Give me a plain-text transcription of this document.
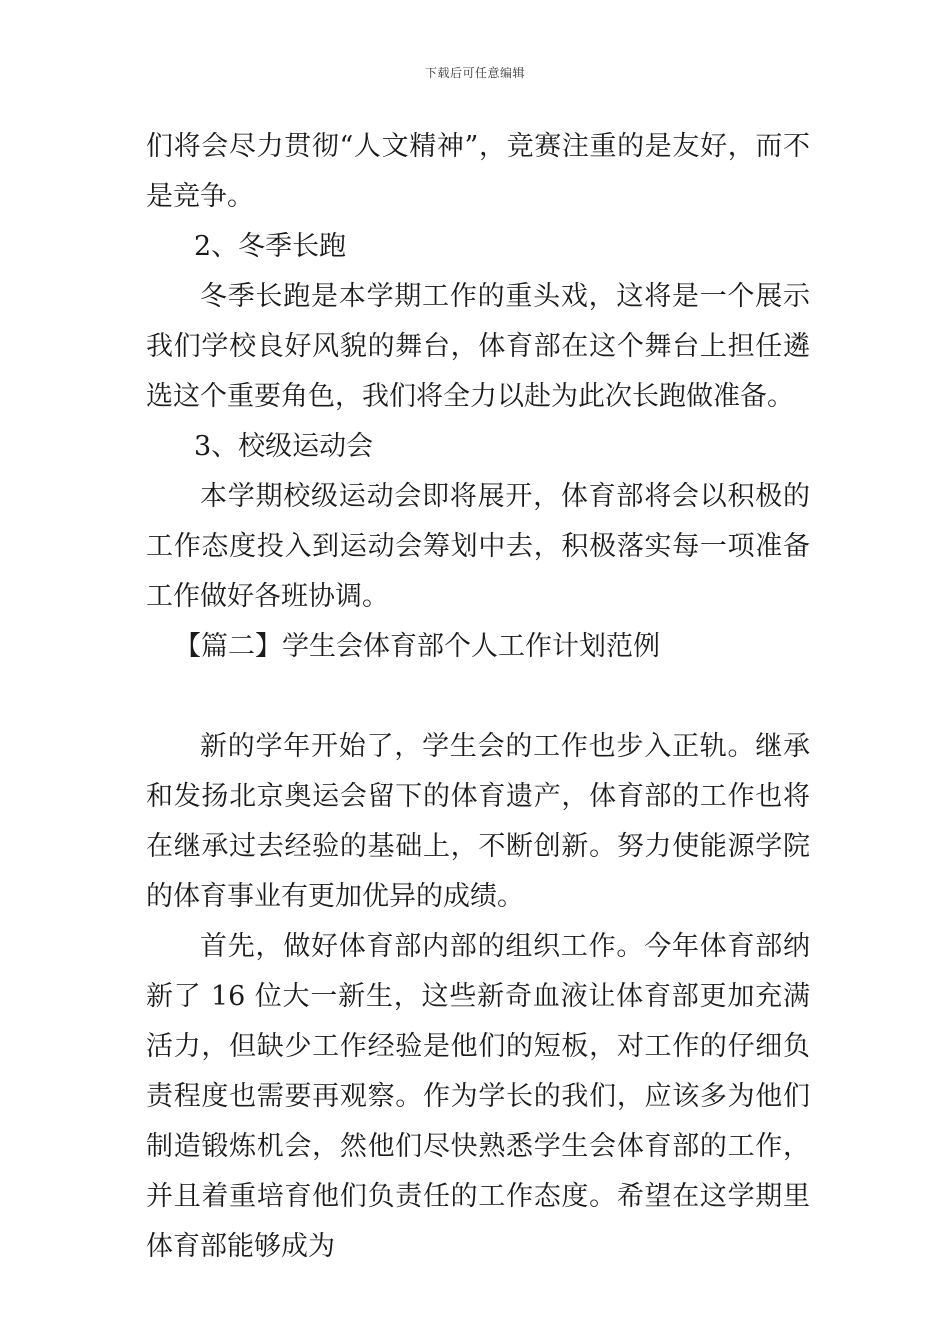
下载后可任意编辑

们将会尽力贯彻“人文精神”，竞赛注重的是友好，而不是竞争。

2、冬季长跑

冬季长跑是本学期工作的重头戏，这将是一个展示我们学校良好风貌的舞台，体育部在这个舞台上担任遴选这个重要角色，我们将全力以赴为此次长跑做准备。

3、校级运动会

本学期校级运动会即将展开，体育部将会以积极的工作态度投入到运动会筹划中去，积极落实每一项准备工作做好各班协调。

【篇二】学生会体育部个人工作计划范例

新的学年开始了，学生会的工作也步入正轨。继承和发扬北京奥运会留下的体育遗产，体育部的工作也将在继承过去经验的基础上，不断创新。努力使能源学院的体育事业有更加优异的成绩。

首先，做好体育部内部的组织工作。今年体育部纳新了 16 位大一新生，这些新奇血液让体育部更加充满活力，但缺少工作经验是他们的短板，对工作的仔细负责程度也需要再观察。作为学长的我们，应该多为他们制造锻炼机会，然他们尽快熟悉学生会体育部的工作，并且着重培育他们负责任的工作态度。希望在这学期里体育部能够成为
